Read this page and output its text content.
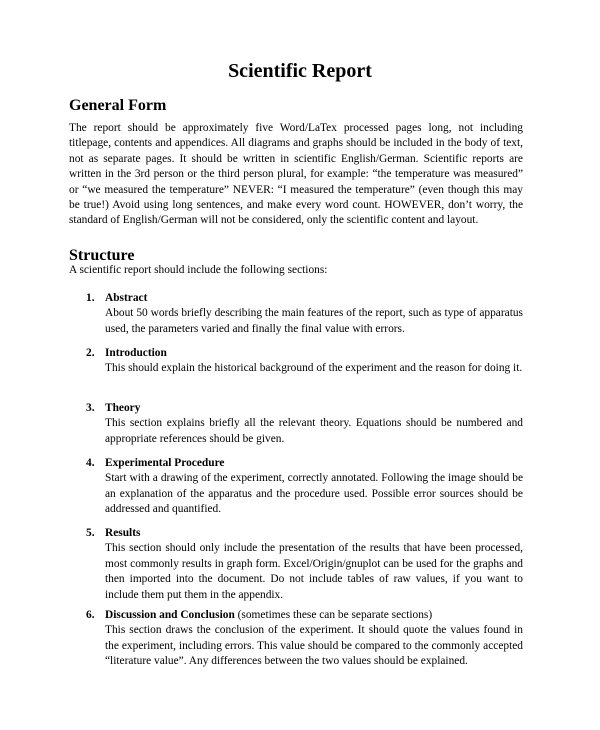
Scientific Report
General Form

The report should be approximately five Word/LaTex processed pages long, not including titlepage, contents and appendices. All diagrams and graphs should be included in the body of text, not as separate pages. It should be written in scientific English/German. Scientific reports are written in the 3rd person or the third person plural, for example: “the temperature was measured” or “we measured the temperature” NEVER: “I measured the temperature” (even though this may be true!) Avoid using long sentences, and make every word count. HOWEVER, don’t worry, the standard of English/German will not be considered, only the scientific content and layout.

Structure

A scientific report should include the following sections:

1. Abstract

About 50 words briefly describing the main features of the report, such as type of apparatus used, the parameters varied and finally the final value with errors.

2. Introduction

This should explain the historical background of the experiment and the reason for doing it.

3. Theory

This section explains briefly all the relevant theory. Equations should be numbered and appropriate references should be given.

4. Experimental Procedure

Start with a drawing of the experiment, correctly annotated. Following the image should be an explanation of the apparatus and the procedure used. Possible error sources should be addressed and quantified.

5. Results

This section should only include the presentation of the results that have been processed, most commonly results in graph form. Excel/Origin/gnuplot can be used for the graphs and then imported into the document. Do not include tables of raw values, if you want to include them put them in the appendix.

6. Discussion and Conclusion (sometimes these can be separate sections)

This section draws the conclusion of the experiment. It should quote the values found in the experiment, including errors. This value should be compared to the commonly accepted “literature value”. Any differences between the two values should be explained.
